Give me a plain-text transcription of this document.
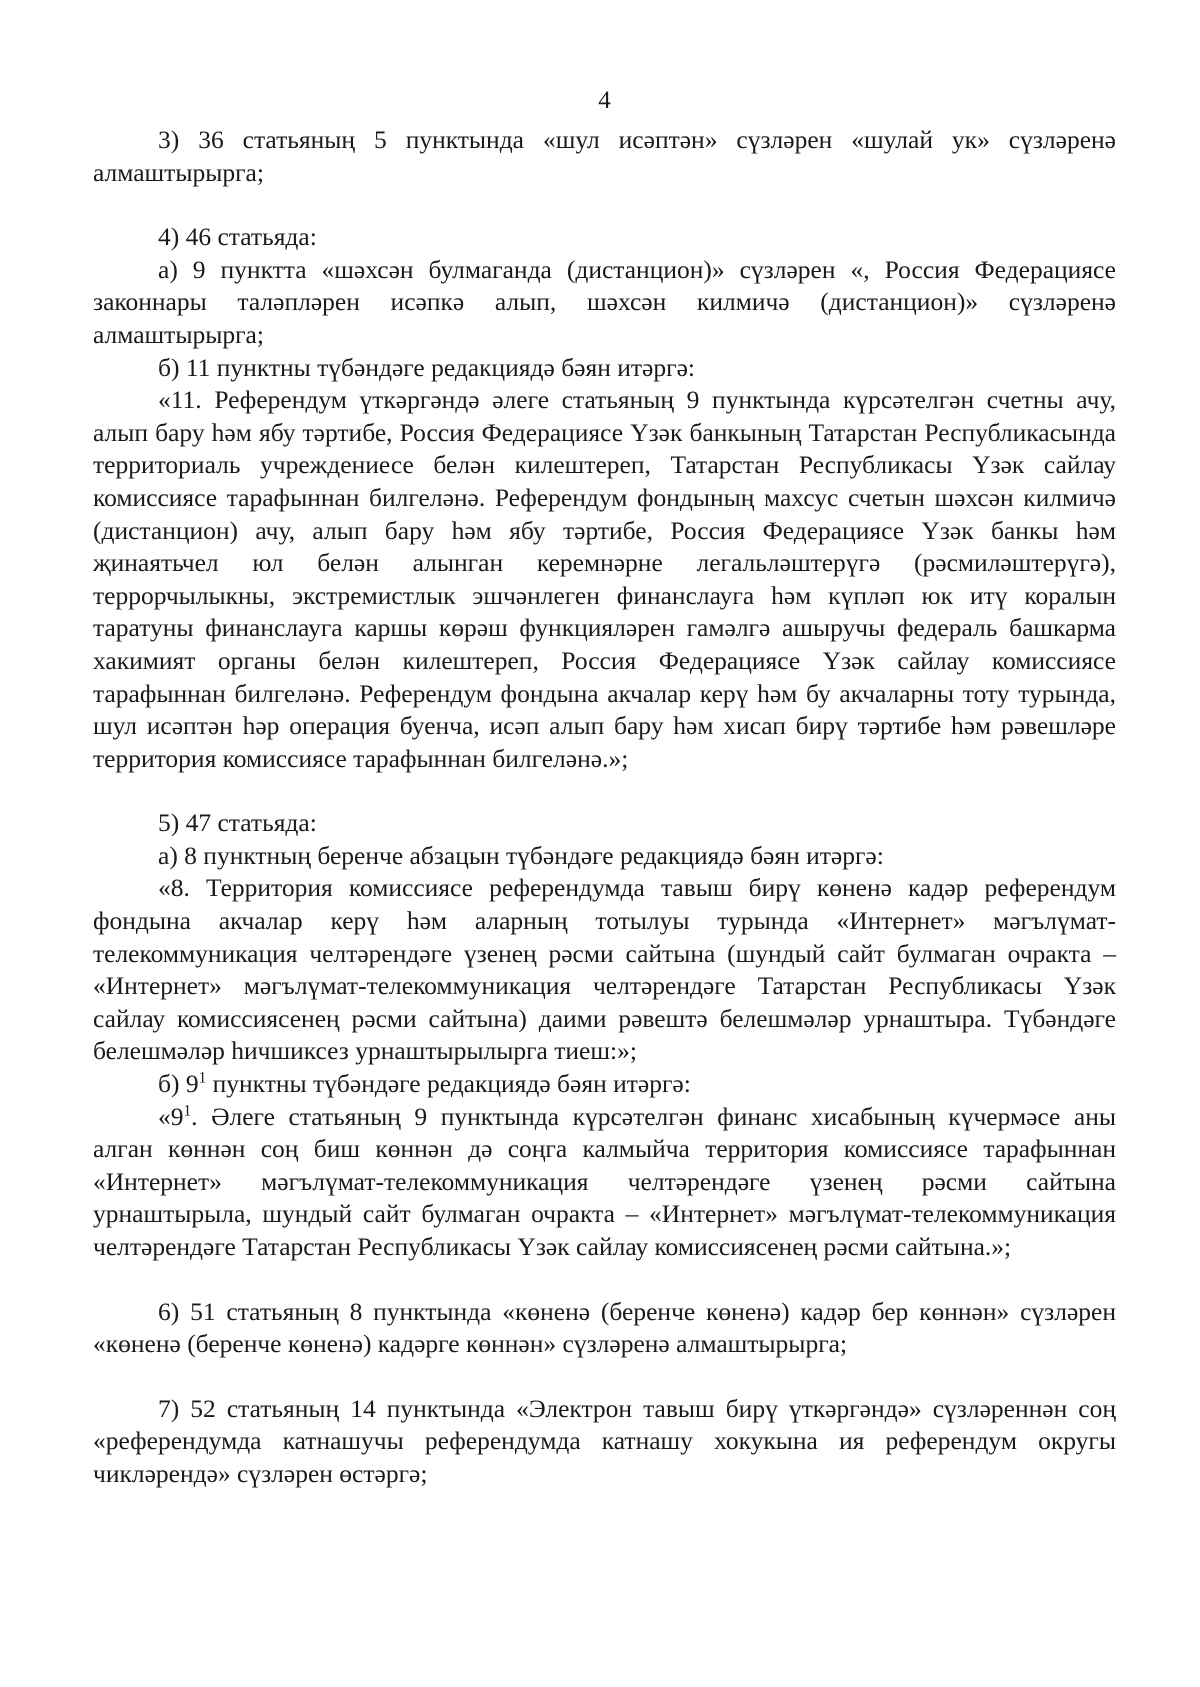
4

3) 36 статьяның 5 пунктында «шул исәптән» сүзләрен «шулай ук» сүзләренә алмаштырырга;

4) 46 статьяда:

а) 9 пунктта «шәхсән булмаганда (дистанцион)» сүзләрен «, Россия Федерациясе законнары таләпләрен исәпкә алып, шәхсән килмичә (дистанцион)» сүзләренә алмаштырырга;

б) 11 пунктны түбәндәге редакциядә бәян итәргә:

«11. Референдум үткәргәндә әлеге статьяның 9 пунктында күрсәтелгән счетны ачу, алып бару һәм ябу тәртибе, Россия Федерациясе Үзәк банкының Татарстан Республикасында территориаль учреждениесе белән килештереп, Татарстан Республикасы Үзәк сайлау комиссиясе тарафыннан билгеләнә. Референдум фондының махсус счетын шәхсән килмичә (дистанцион) ачу, алып бару һәм ябу тәртибе, Россия Федерациясе Үзәк банкы һәм җинаятьчел юл белән алынган керемнәрне легальләштерүгә (рәсмиләштерүгә), террорчылыкны, экстремистлык эшчәнлеген финанслауга һәм күпләп юк итү коралын таратуны финанслауга каршы көрәш функцияләрен гамәлгә ашыручы федераль башкарма хакимият органы белән килештереп, Россия Федерациясе Үзәк сайлау комиссиясе тарафыннан билгеләнә. Референдум фондына акчалар керү һәм бу акчаларны тоту турында, шул исәптән һәр операция буенча, исәп алып бару һәм хисап бирү тәртибе һәм рәвешләре территория комиссиясе тарафыннан билгеләнә.»;

5) 47 статьяда:

а) 8 пунктның беренче абзацын түбәндәге редакциядә бәян итәргә:

«8. Территория комиссиясе референдумда тавыш бирү көненә кадәр референдум фондына акчалар керү һәм аларның тотылуы турында «Интернет» мәгълүмат-телекоммуникация челтәрендәге үзенең рәсми сайтына (шундый сайт булмаган очракта – «Интернет» мәгълүмат-телекоммуникация челтәрендәге Татарстан Республикасы Үзәк сайлау комиссиясенең рәсми сайтына) даими рәвештә белешмәләр урнаштыра. Түбәндәге белешмәләр һичшиксез урнаштырылырга тиеш:»;

б) $9^1$ пунктны түбәндәге редакциядә бәян итәргә:

«$9^1$. Әлеге статьяның 9 пунктында күрсәтелгән финанс хисабының күчермәсе аны алган көннән соң биш көннән дә соңга калмыйча территория комиссиясе тарафыннан «Интернет» мәгълүмат-телекоммуникация челтәрендәге үзенең рәсми сайтына урнаштырыла, шундый сайт булмаган очракта – «Интернет» мәгълүмат-телекоммуникация челтәрендәге Татарстан Республикасы Үзәк сайлау комиссиясенең рәсми сайтына.»;

6) 51 статьяның 8 пунктында «көненә (беренче көненә) кадәр бер көннән» сүзләрен «көненә (беренче көненә) кадәрге көннән» сүзләренә алмаштырырга;

7) 52 статьяның 14 пунктында «Электрон тавыш бирү үткәргәндә» сүзләреннән соң «референдумда катнашучы референдумда катнашу хокукына ия референдум округы чикләрендә» сүзләрен өстәргә;
